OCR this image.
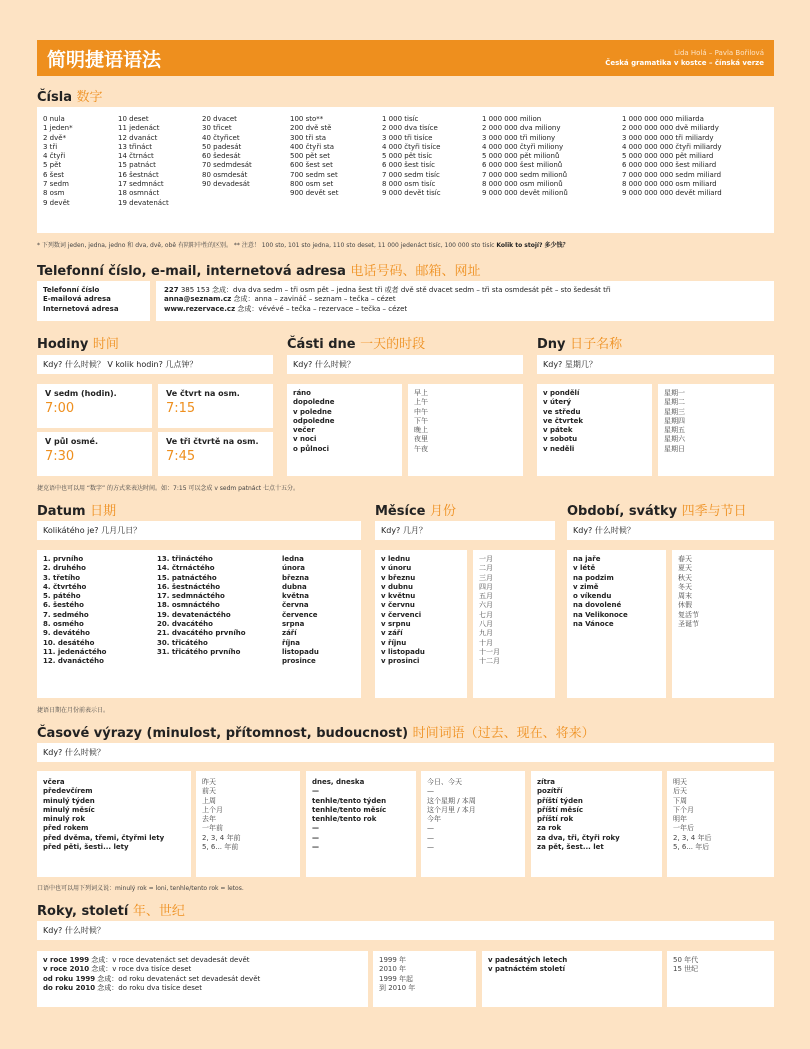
简明捷语语法	Lida Holá – Pavla Bořilová
Česká gramatika v kostce – čínská verze
Čísla 数字
0 nula
1 jeden*
2 dvě*
3 tři
4 čtyři
5 pět
6 šest
7 sedm
8 osm
9 devět
10 deset
11 jedenáct
12 dvanáct
13 třináct
14 čtrnáct
15 patnáct
16 šestnáct
17 sedmnáct
18 osmnáct
19 devatenáct
20 dvacet
30 třicet
40 čtyřicet
50 padesát
60 šedesát
70 sedmdesát
80 osmdesát
90 devadesát
100 sto**
200 dvě stě
300 tři sta
400 čtyři sta
500 pět set
600 šest set
700 sedm set
800 osm set
900 devět set
1 000 tisíc
2 000 dva tisíce
3 000 tři tisíce
4 000 čtyři tisíce
5 000 pět tisíc
6 000 šest tisíc
7 000 sedm tisíc
8 000 osm tisíc
9 000 devět tisíc
1 000 000 milion
2 000 000 dva miliony
3 000 000 tři miliony
4 000 000 čtyři miliony
5 000 000 pět milionů
6 000 000 šest milionů
7 000 000 sedm milionů
8 000 000 osm milionů
9 000 000 devět milionů
1 000 000 000 miliarda
2 000 000 000 dvě miliardy
3 000 000 000 tři miliardy
4 000 000 000 čtyři miliardy
5 000 000 000 pět miliard
6 000 000 000 šest miliard
7 000 000 000 sedm miliard
8 000 000 000 osm miliard
9 000 000 000 devět miliard
* 下列数词 jeden, jedna, jedno 和 dva, dvě, obě 有阴阳中性的区别。 ** 注意！ 100 sto, 101 sto jedna, 110 sto deset, 11 000 jedenáct tisíc, 100 000 sto tisíc Kolik to stojí? 多少钱？
Telefonní číslo, e-mail, internetová adresa 电话号码、邮箱、网址
Telefonní číslo
E-mailová adresa
Internetová adresa
227 385 153 念成：dva dva sedm – tři osm pět – jedna šest tři 或者 dvě stě dvacet sedm – tři sta osmdesát pět – sto šedesát tři
anna@seznam.cz 念成：anna – zavináč – seznam – tečka – cézet
www.rezervace.cz 念成：vévévé – tečka – rezervace – tečka – cézet
Hodiny 时间
Kdy? 什么时候？ V kolik hodin? 几点钟？
V sedm (hodin).
7:00
Ve čtvrt na osm.
7:15
V půl osmé.
7:30
Ve tři čtvrtě na osm.
7:45
捷克语中也可以用 “数字” 的方式来表达时间。如：7:15 可以念成 v sedm patnáct 七点十五分。
Části dne 一天的时段
Kdy? 什么时候？
ráno
dopoledne
v poledne
odpoledne
večer
v noci
o půlnoci
早上
上午
中午
下午
晚上
夜里
午夜
Dny 日子名称
Kdy? 星期几？
v pondělí
v úterý
ve středu
ve čtvrtek
v pátek
v sobotu
v neděli
星期一
星期二
星期三
星期四
星期五
星期六
星期日
Datum 日期
Kolikátého je? 几月几日？
1. prvního
2. druhého
3. třetího
4. čtvrtého
5. pátého
6. šestého
7. sedmého
8. osmého
9. devátého
10. desátého
11. jedenáctého
12. dvanáctého
13. třináctého
14. čtrnáctého
15. patnáctého
16. šestnáctého
17. sedmnáctého
18. osmnáctého
19. devatenáctého
20. dvacátého
21. dvacátého prvního
30. třicátého
31. třicátého prvního
ledna
února
března
dubna
května
června
července
srpna
září
října
listopadu
prosince
捷语日期在月份前表示日。
Měsíce 月份
Kdy? 几月？
v lednu
v únoru
v březnu
v dubnu
v květnu
v červnu
v červenci
v srpnu
v září
v říjnu
v listopadu
v prosinci
一月
二月
三月
四月
五月
六月
七月
八月
九月
十月
十一月
十二月
Období, svátky 四季与节日
Kdy? 什么时候？
na jaře
v létě
na podzim
v zimě
o víkendu
na dovolené
na Velikonoce
na Vánoce
春天
夏天
秋天
冬天
周末
休假
复活节
圣诞节
Časové výrazy (minulost, přítomnost, budoucnost) 时间词语（过去、现在、将来）
Kdy? 什么时候？
včera
předevčírem
minulý týden
minulý měsíc
minulý rok
před rokem
před dvěma, třemi, čtyřmi lety
před pěti, šesti... lety
昨天
前天
上周
上个月
去年
一年前
2, 3, 4 年前
5, 6... 年前
dnes, dneska
—
tenhle/tento týden
tenhle/tento měsíc
tenhle/tento rok
—
—
—
今日、今天
—
这个星期 / 本周
这个月里 / 本月
今年
—
—
—
zítra
pozítří
příští týden
příští měsíc
příští rok
za rok
za dva, tři, čtyři roky
za pět, šest... let
明天
后天
下周
下个月
明年
一年后
2, 3, 4 年后
5, 6... 年后
口语中也可以用下列词义说：minulý rok = loni, tenhle/tento rok = letos.
Roky, století 年、世纪
Kdy? 什么时候？
v roce 1999 念成：v roce devatenáct set devadesát devět
v roce 2010 念成：v roce dva tisíce deset
od roku 1999 念成：od roku devatenáct set devadesát devět
do roku 2010 念成：do roku dva tisíce deset
1999 年
2010 年
1999 年起
到 2010 年
v padesátých letech
v patnáctém století
50 年代
15 世纪
